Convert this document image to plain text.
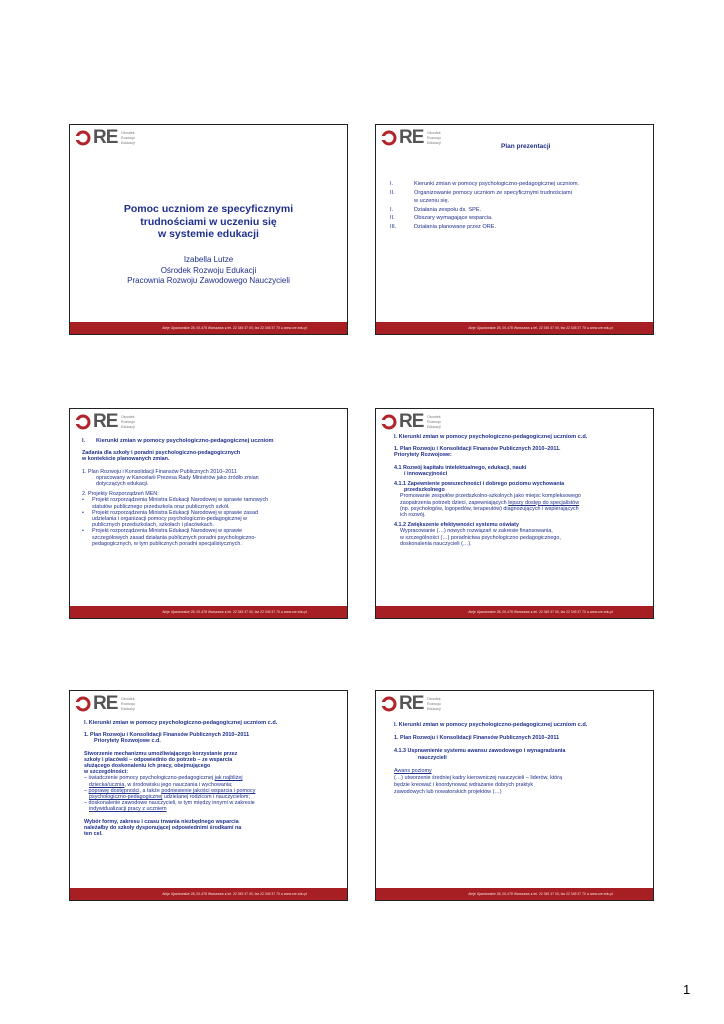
RE Ośrodek
Rozwoju
Edukacji
Pomoc uczniom ze specyficznymi
trudnościami w uczeniu się
w systemie edukacji
Izabella Lutze
Ośrodek Rozwoju Edukacji
Pracownia Rozwoju Zawodowego Nauczycieli
Aleje Ujazdowskie 28, 00-478 Warszawa ● tel. 22 345 37 00, fax 22 345 37 70 ● www.ore.edu.pl
RE Ośrodek
Rozwoju
Edukacji	Plan prezentacji
I.	Kierunki zmian w pomocy psychologiczno-pedagogicznej uczniom.
II.	Organizowanie pomocy uczniom ze specyficznymi trudnościami
w uczeniu się.
I.	Działania zespołu ds. SPE.
II.	Obszary wymagające wsparcia.
III.	Działania planowane przez ORE.
Aleje Ujazdowskie 28, 00-478 Warszawa ● tel. 22 345 37 00, fax 22 345 37 70 ● www.ore.edu.pl
RE Ośrodek
Rozwoju
Edukacji
I.	Kierunki zmian w pomocy psychologiczno-pedagogicznej uczniom
Zadania dla szkoły i poradni psychologiczno-pedagogicznych
w kontekście planowanych zmian.
1. Plan Rozwoju i Konsolidacji Finansów Publicznych 2010–2011
opracowany w Kancelarii Prezesa Rady Ministrów jako źródło zmian
dotyczących edukacji.
2. Projekty Rozporządzeń MEN:
•	Projekt rozporządzenia Ministra Edukacji Narodowej w sprawie ramowych
statutów publicznego przedszkola oraz publicznych szkół.
•	Projekt rozporządzenia Ministra Edukacji Narodowej w sprawie zasad
udzielania i organizacji pomocy psychologiczno-pedagogicznej w
publicznych przedszkolach, szkołach i placówkach.
•	Projekt rozporządzenia Ministra Edukacji Narodowej w sprawie
szczegółowych zasad działania publicznych poradni psychologiczno-
pedagogicznych, w tym publicznych poradni specjalistycznych.
Aleje Ujazdowskie 28, 00-478 Warszawa ● tel. 22 345 37 00, fax 22 345 37 70 ● www.ore.edu.pl
RE Ośrodek
Rozwoju
Edukacji
I. Kierunki zmian w pomocy psychologiczno-pedagogicznej uczniom c.d.
1. Plan Rozwoju i Konsolidacji Finansów Publicznych 2010–2011.
Priorytety Rozwojowe:
4.1 Rozwój kapitału intelektualnego, edukacji, nauki
i innowacyjności
4.1.1 Zapewnienie powszechności i dobrego poziomu wychowania
przedszkolnego
Promowanie zespołów przedszkolno-szkolnych jako miejsc kompleksowego
zaopatrzenia potrzeb dzieci, zapewniających lepszy dostęp do specjalistów
(np. psychologów, logopedów, terapeutów) diagnozujących i wspierających
ich rozwój.
4.1.2 Zwiększenie efektywności systemu oświaty
Wypracowanie (…) nowych rozwiązań w zakresie finansowania,
w szczególności (…) poradnictwa psychologiczno pedagogicznego,
doskonalenia nauczycieli (…).
Aleje Ujazdowskie 28, 00-478 Warszawa ● tel. 22 345 37 00, fax 22 345 37 70 ● www.ore.edu.pl
RE Ośrodek
Rozwoju
Edukacji
I. Kierunki zmian w pomocy psychologiczno-pedagogicznej uczniom c.d.
1. Plan Rozwoju i Konsolidacji Finansów Publicznych 2010–2011
Priorytety Rozwojowe c.d.
Stworzenie mechanizmu umożliwiającego korzystanie przez
szkoły i placówki – odpowiednio do potrzeb – ze wsparcia
służącego doskonaleniu ich pracy, obejmującego
w szczególności:
– świadczenie pomocy psychologiczno-pedagogicznej jak najbliżej
dziecka/ucznia, w środowisku jego nauczania i wychowania;
– poprawę dostępności, a także podniesienie jakości wsparcia i pomocy
psychologiczno-pedagogicznej udzielanej rodzicom i nauczycielom;
– doskonalenie zawodowe nauczycieli, w tym między innymi w zakresie
indywidualizacji pracy z uczniem
Wybór formy, zakresu i czasu trwania niezbędnego wsparcia
należałby do szkoły dysponującej odpowiednimi środkami na
ten cel.
Aleje Ujazdowskie 28, 00-478 Warszawa ● tel. 22 345 37 00, fax 22 345 37 70 ● www.ore.edu.pl
RE Ośrodek
Rozwoju
Edukacji
I. Kierunki zmian w pomocy psychologiczno-pedagogicznej uczniom c.d.
1. Plan Rozwoju i Konsolidacji Finansów Publicznych 2010–2011
4.1.3 Usprawnienie systemu awansu zawodowego i wynagradzania
nauczycieli
Awans poziomy
(…) utworzenie średniej kadry kierowniczej nauczycieli – liderów, którą
będzie kreować i koordynować wdrażanie dobrych praktyk
zawodowych lub nowatorskich projektów (…)
Aleje Ujazdowskie 28, 00-478 Warszawa ● tel. 22 345 37 00, fax 22 345 37 70 ● www.ore.edu.pl
1
